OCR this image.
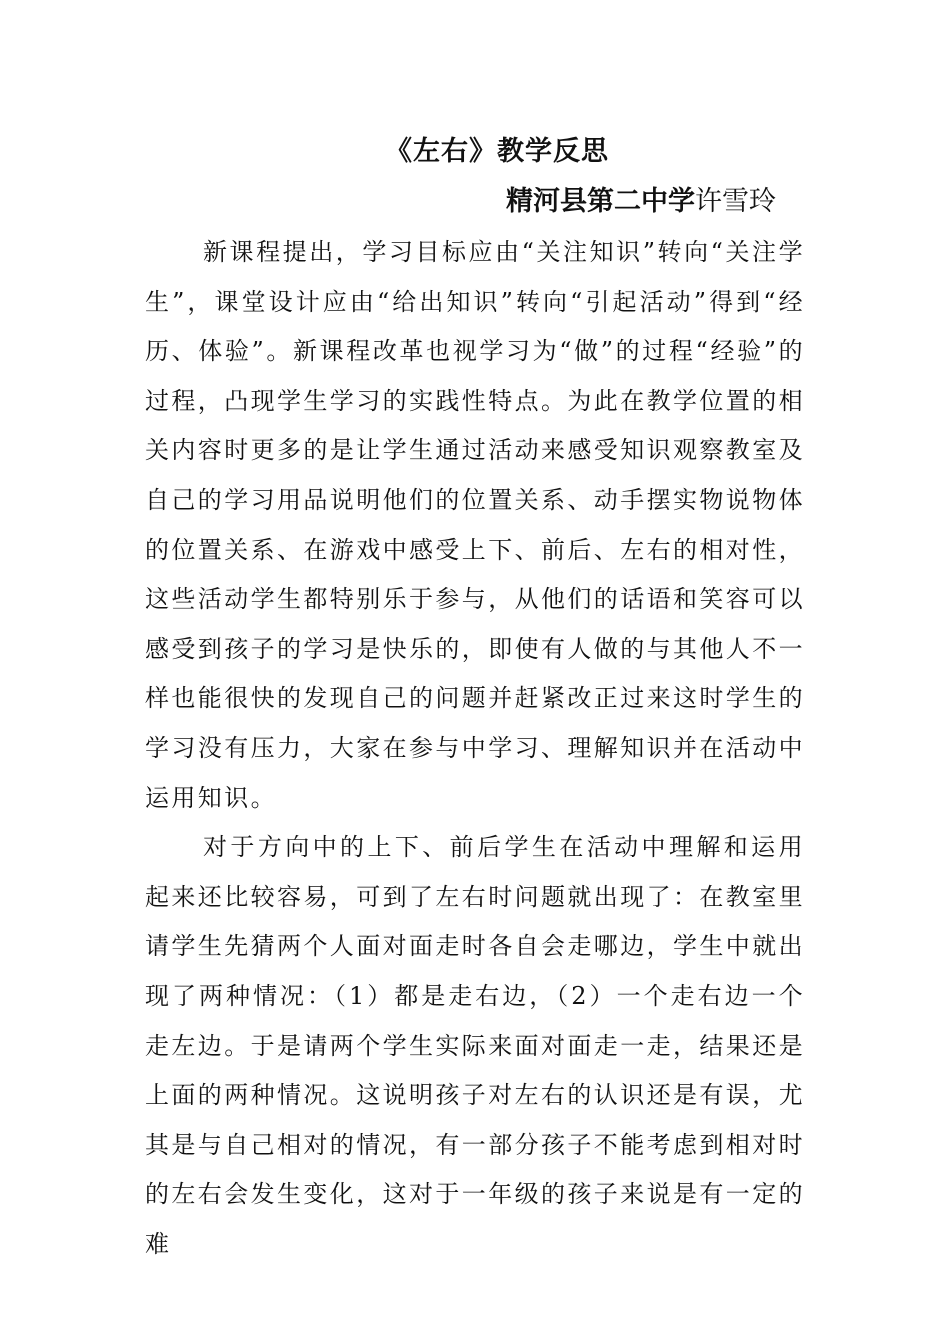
《左右》教学反思
精河县第二中学许雪玲

新课程提出，学习目标应由“关注知识”转向“关注学生”，课堂设计应由“给出知识”转向“引起活动”得到“经历、体验”。新课程改革也视学习为“做”的过程“经验”的过程，凸现学生学习的实践性特点。为此在教学位置的相关内容时更多的是让学生通过活动来感受知识观察教室及自己的学习用品说明他们的位置关系、动手摆实物说物体的位置关系、在游戏中感受上下、前后、左右的相对性，这些活动学生都特别乐于参与，从他们的话语和笑容可以感受到孩子的学习是快乐的，即使有人做的与其他人不一样也能很快的发现自己的问题并赶紧改正过来这时学生的学习没有压力，大家在参与中学习、理解知识并在活动中运用知识。

对于方向中的上下、前后学生在活动中理解和运用起来还比较容易，可到了左右时问题就出现了：在教室里请学生先猜两个人面对面走时各自会走哪边，学生中就出现了两种情况：（1）都是走右边，（2）一个走右边一个走左边。于是请两个学生实际来面对面走一走，结果还是上面的两种情况。这说明孩子对左右的认识还是有误，尤其是与自己相对的情况，有一部分孩子不能考虑到相对时的左右会发生变化，这对于一年级的孩子来说是有一定的难
